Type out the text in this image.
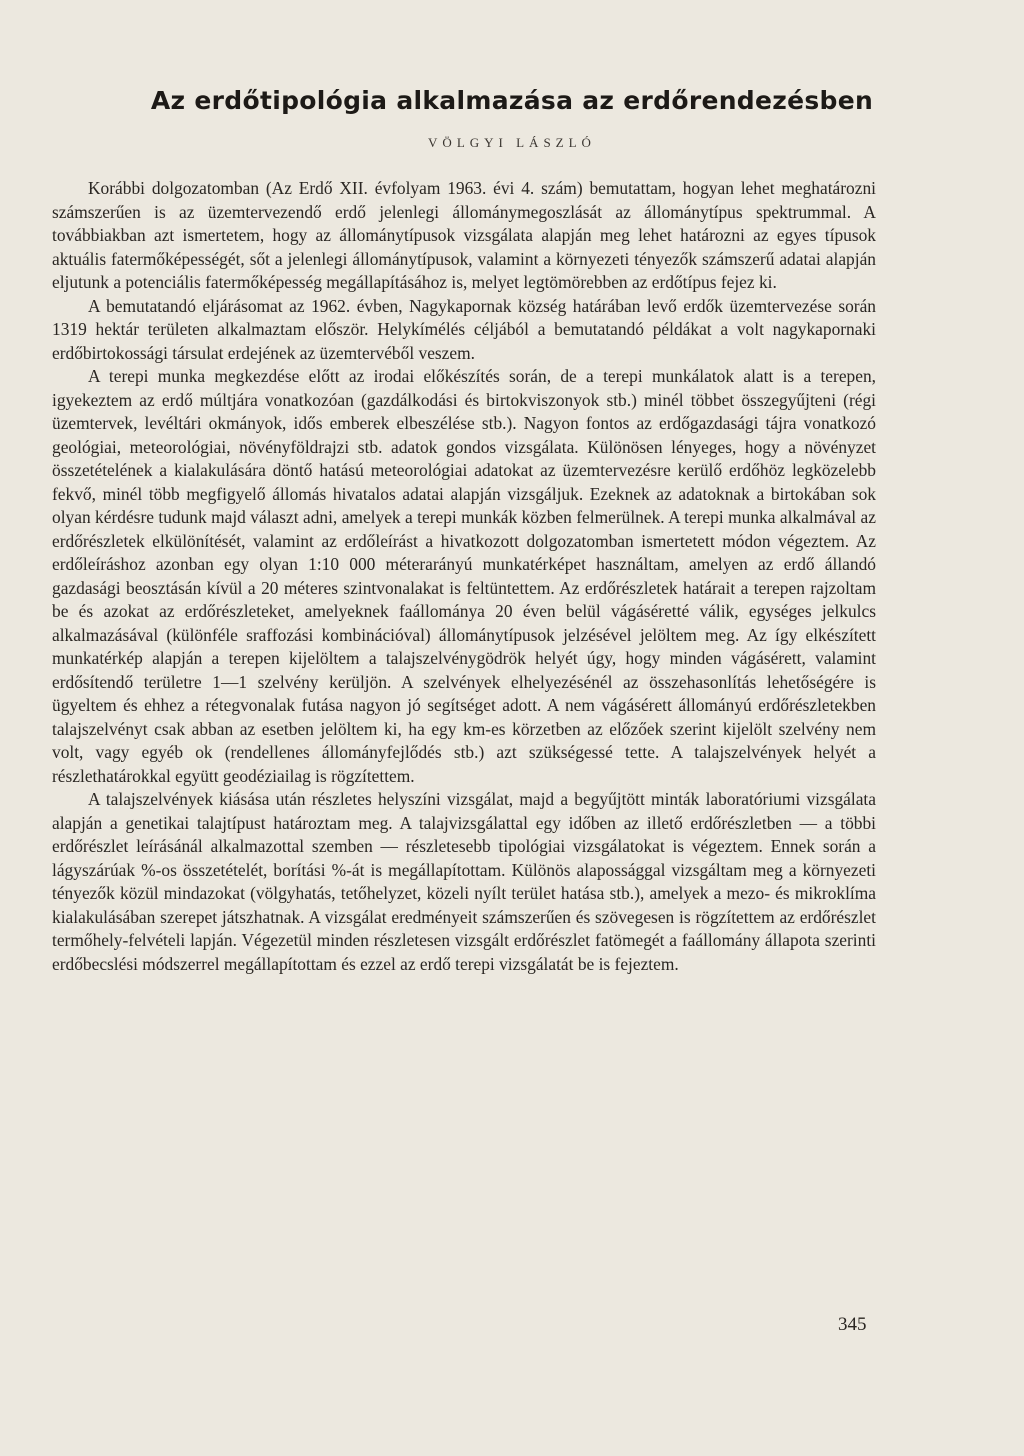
Az erdőtipológia alkalmazása az erdőrendezésben
VÖLGYI LÁSZLÓ

Korábbi dolgozatomban (Az Erdő XII. évfolyam 1963. évi 4. szám) bemutattam, hogyan lehet meghatározni számszerűen is az üzemtervezendő erdő jelenlegi állománymegoszlását az állománytípus spektrummal. A továbbiakban azt ismertetem, hogy az állománytípusok vizsgálata alapján meg lehet határozni az egyes típusok aktuális fatermőképességét, sőt a jelenlegi állománytípusok, valamint a környezeti tényezők számszerű adatai alapján eljutunk a potenciális fatermőképesség megállapításához is, melyet legtömörebben az erdőtípus fejez ki.

A bemutatandó eljárásomat az 1962. évben, Nagykapornak község határában levő erdők üzemtervezése során 1319 hektár területen alkalmaztam először. Helykímélés céljából a bemutatandó példákat a volt nagykapornaki erdőbirtokossági társulat erdejének az üzemtervéből veszem.

A terepi munka megkezdése előtt az irodai előkészítés során, de a terepi munkálatok alatt is a terepen, igyekeztem az erdő múltjára vonatkozóan (gazdálkodási és birtokviszonyok stb.) minél többet összegyűjteni (régi üzemtervek, levéltári okmányok, idős emberek elbeszélése stb.). Nagyon fontos az erdőgazdasági tájra vonatkozó geológiai, meteorológiai, növényföldrajzi stb. adatok gondos vizsgálata. Különösen lényeges, hogy a növényzet összetételének a kialakulására döntő hatású meteorológiai adatokat az üzemtervezésre kerülő erdőhöz legközelebb fekvő, minél több megfigyelő állomás hivatalos adatai alapján vizsgáljuk. Ezeknek az adatoknak a birtokában sok olyan kérdésre tudunk majd választ adni, amelyek a terepi munkák közben felmerülnek. A terepi munka alkalmával az erdőrészletek elkülönítését, valamint az erdőleírást a hivatkozott dolgozatomban ismertetett módon végeztem. Az erdőleíráshoz azonban egy olyan 1:10 000 méterarányú munkatérképet használtam, amelyen az erdő állandó gazdasági beosztásán kívül a 20 méteres szintvonalakat is feltüntettem. Az erdőrészletek határait a terepen rajzoltam be és azokat az erdőrészleteket, amelyeknek faállománya 20 éven belül vágáséretté válik, egységes jelkulcs alkalmazásával (különféle sraffozási kombinációval) állománytípusok jelzésével jelöltem meg. Az így elkészített munkatérkép alapján a terepen kijelöltem a talajszelvénygödrök helyét úgy, hogy minden vágásérett, valamint erdősítendő területre 1—1 szelvény kerüljön. A szelvények elhelyezésénél az összehasonlítás lehetőségére is ügyeltem és ehhez a rétegvonalak futása nagyon jó segítséget adott. A nem vágásérett állományú erdőrészletekben talajszelvényt csak abban az esetben jelöltem ki, ha egy km-es körzetben az előzőek szerint kijelölt szelvény nem volt, vagy egyéb ok (rendellenes állományfejlődés stb.) azt szükségessé tette. A talajszelvények helyét a részlethatárokkal együtt geodéziailag is rögzítettem.

A talajszelvények kiásása után részletes helyszíni vizsgálat, majd a begyűjtött minták laboratóriumi vizsgálata alapján a genetikai talajtípust határoztam meg. A talajvizsgálattal egy időben az illető erdőrészletben — a többi erdőrészlet leírásánál alkalmazottal szemben — részletesebb tipológiai vizsgálatokat is végeztem. Ennek során a lágyszárúak %-os összetételét, borítási %-át is megállapítottam. Különös alapossággal vizsgáltam meg a környezeti tényezők közül mindazokat (völgyhatás, tetőhelyzet, közeli nyílt terület hatása stb.), amelyek a mezo- és mikroklíma kialakulásában szerepet játszhatnak. A vizsgálat eredményeit számszerűen és szövegesen is rögzítettem az erdőrészlet termőhely-felvételi lapján. Végezetül minden részletesen vizsgált erdőrészlet fatömegét a faállomány állapota szerinti erdőbecslési módszerrel megállapítottam és ezzel az erdő terepi vizsgálatát be is fejeztem.

345
